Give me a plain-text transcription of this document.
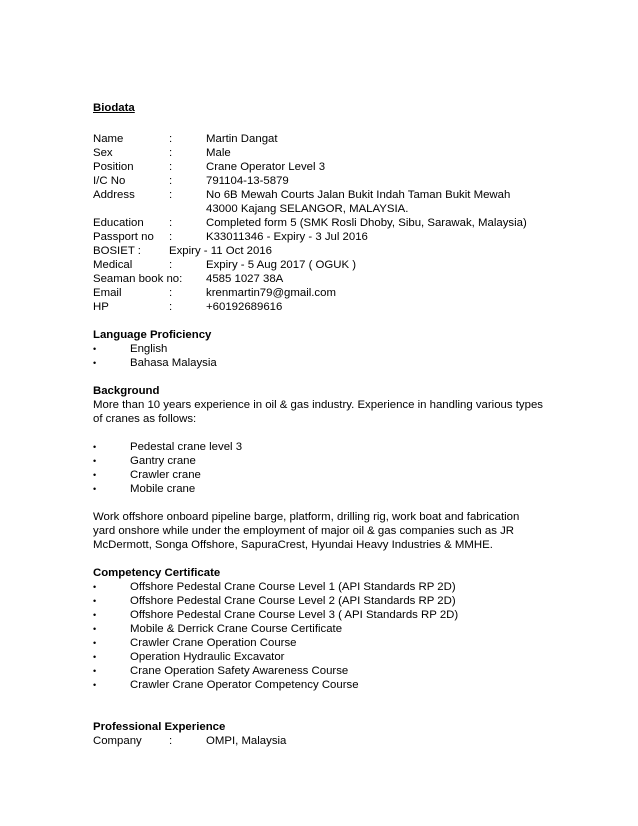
Biodata
Name	:	Martin Dangat
Sex	:	Male
Position	:	Crane Operator Level 3
I/C No	:	791104-13-5879
Address	:	No 6B Mewah Courts Jalan Bukit Indah Taman Bukit Mewah
43000 Kajang SELANGOR, MALAYSIA.
Education :	Completed form 5 (SMK Rosli Dhoby, Sibu, Sarawak, Malaysia)
Passport no :	K33011346 - Expiry - 3 Jul 2016
BOSIET : Expiry - 11 Oct 2016
Medical	:	Expiry - 5 Aug 2017 ( OGUK )
Seaman book no: 4585 1027 38A
Email	:	krenmartin79@gmail.com
HP	:	+60192689616
Language Proficiency
•	English
•	Bahasa Malaysia
Background

More than 10 years experience in oil & gas industry. Experience in handling various types of cranes as follows:

•	Pedestal crane level 3
•	Gantry crane
•	Crawler crane
•	Mobile crane

Work offshore onboard pipeline barge, platform, drilling rig, work boat and fabrication yard onshore while under the employment of major oil & gas companies such as JR McDermott, Songa Offshore, SapuraCrest, Hyundai Heavy Industries & MMHE.

Competency Certificate
•	Offshore Pedestal Crane Course Level 1 (API Standards RP 2D)
•	Offshore Pedestal Crane Course Level 2 (API Standards RP 2D)
•	Offshore Pedestal Crane Course Level 3 ( API Standards RP 2D)
•	Mobile & Derrick Crane Course Certificate
•	Crawler Crane Operation Course
•	Operation Hydraulic Excavator
•	Crane Operation Safety Awareness Course
•	Crawler Crane Operator Competency Course
Professional Experience
Company :	OMPI, Malaysia
